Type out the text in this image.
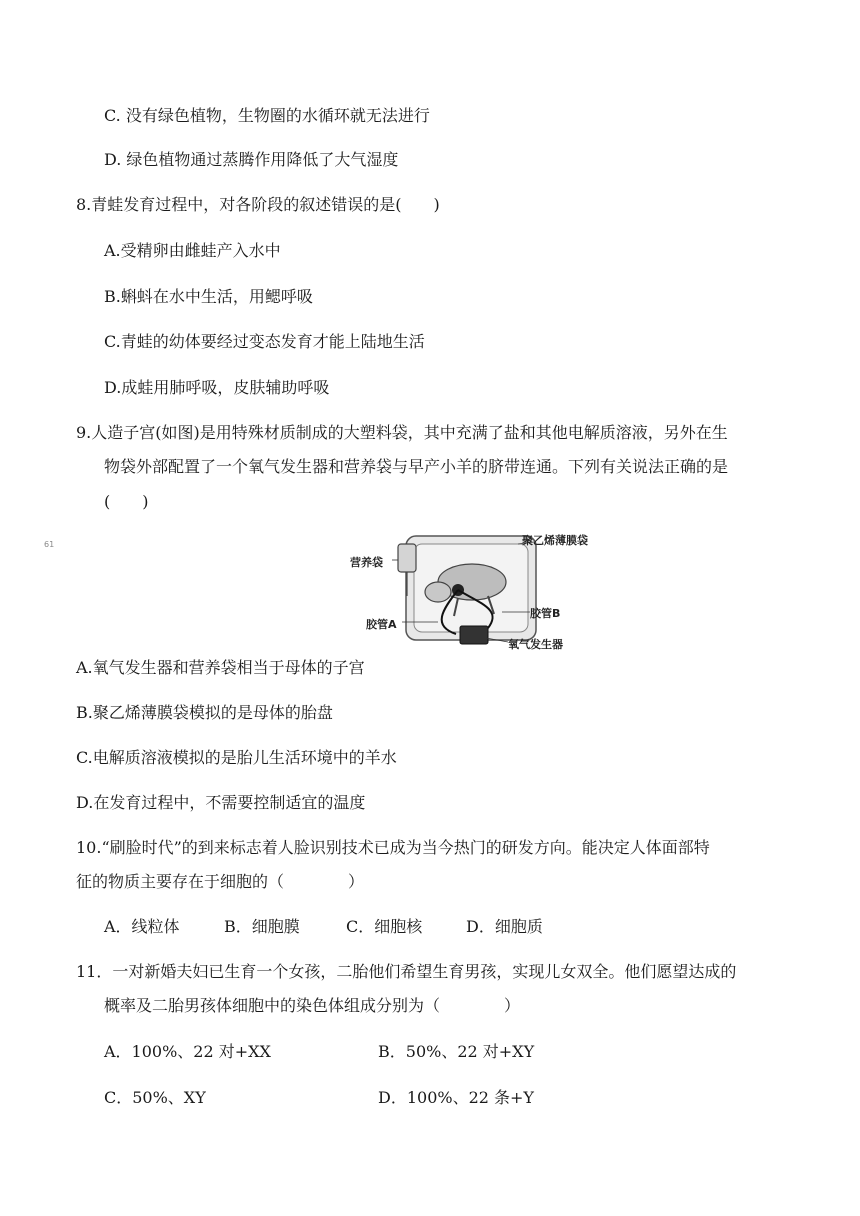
C. 没有绿色植物，生物圈的水循环就无法进行
D. 绿色植物通过蒸腾作用降低了大气湿度
8.青蛙发育过程中，对各阶段的叙述错误的是(　　)
A.受精卵由雌蛙产入水中
B.蝌蚪在水中生活，用鳃呼吸
C.青蛙的幼体要经过变态发育才能上陆地生活
D.成蛙用肺呼吸，皮肤辅助呼吸
9.人造子宫(如图)是用特殊材质制成的大塑料袋，其中充满了盐和其他电解质溶液，另外在生
物袋外部配置了一个氧气发生器和营养袋与早产小羊的脐带连通。下列有关说法正确的是
(　　)
61	聚乙烯薄膜袋
营养袋
胶管B
胶管A
氧气发生器
A.氧气发生器和营养袋相当于母体的子宫
B.聚乙烯薄膜袋模拟的是母体的胎盘
C.电解质溶液模拟的是胎儿生活环境中的羊水
D.在发育过程中，不需要控制适宜的温度
10.“刷脸时代”的到来标志着人脸识别技术已成为当今热门的研发方向。能决定人体面部特
征的物质主要存在于细胞的（　　　　）
A．线粒体	B．细胞膜	C．细胞核	D．细胞质
11．一对新婚夫妇已生育一个女孩，二胎他们希望生育男孩，实现儿女双全。他们愿望达成的
概率及二胎男孩体细胞中的染色体组成分别为（　　　　）
A．100%、22 对+XX	B．50%、22 对+XY
C．50%、XY	D．100%、22 条+Y
